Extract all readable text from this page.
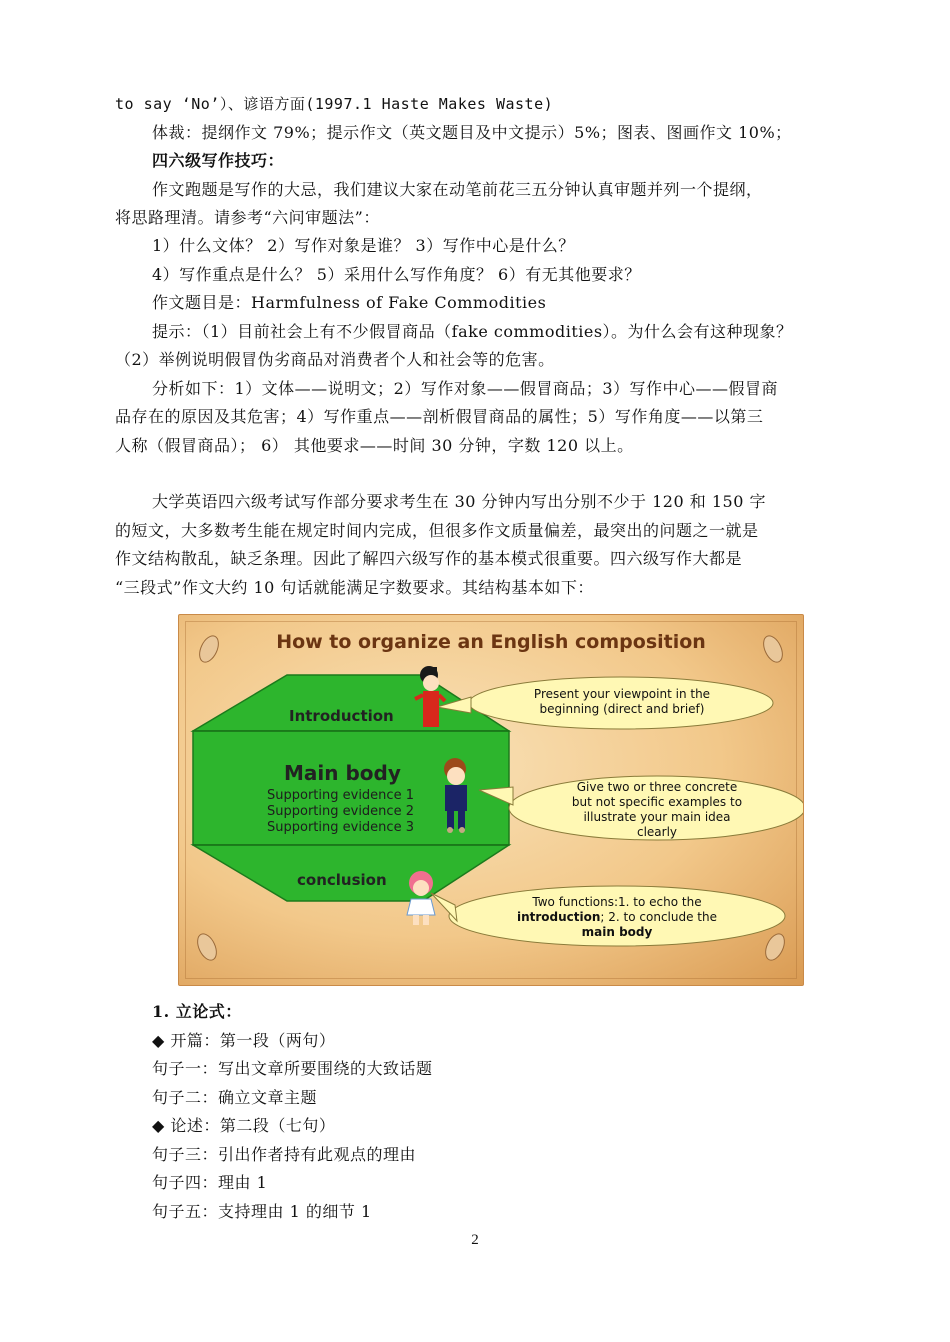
to say ‘No’）、谚语方面(1997.1 Haste Makes Waste)
体裁：提纲作文 79%；提示作文（英文题目及中文提示）5%；图表、图画作文 10%；
四六级写作技巧：
作文跑题是写作的大忌，我们建议大家在动笔前花三五分钟认真审题并列一个提纲，
将思路理清。请参考“六问审题法”：
1）什么文体？ 2）写作对象是谁？ 3）写作中心是什么？
4）写作重点是什么？ 5）采用什么写作角度？ 6）有无其他要求？
作文题目是：Harmfulness of Fake Commodities
提示：（1）目前社会上有不少假冒商品（fake commodities）。为什么会有这种现象？
（2）举例说明假冒伪劣商品对消费者个人和社会等的危害。
分析如下：1）文体——说明文；2）写作对象——假冒商品；3）写作中心——假冒商
品存在的原因及其危害；4）写作重点——剖析假冒商品的属性；5）写作角度——以第三
人称（假冒商品）； 6） 其他要求——时间 30 分钟，字数 120 以上。
大学英语四六级考试写作部分要求考生在 30 分钟内写出分别不少于 120 和 150 字
的短文，大多数考生能在规定时间内完成，但很多作文质量偏差，最突出的问题之一就是
作文结构散乱，缺乏条理。因此了解四六级写作的基本模式很重要。四六级写作大都是
“三段式”作文大约 10 句话就能满足字数要求。其结构基本如下：
How to organize an English composition
Introduction
Main body
Supporting evidence 1
Supporting evidence 2
Supporting evidence 3
conclusion
Present your viewpoint in the
beginning (direct and brief)
Give two or three concrete
but not specific examples to
illustrate your main idea
clearly
Two functions:1. to echo the
introduction; 2. to conclude the
main body
1. 立论式：
◆ 开篇：第一段（两句）
句子一：写出文章所要围绕的大致话题
句子二：确立文章主题
◆ 论述：第二段（七句）
句子三：引出作者持有此观点的理由
句子四：理由 1
句子五：支持理由 1 的细节 1
2
